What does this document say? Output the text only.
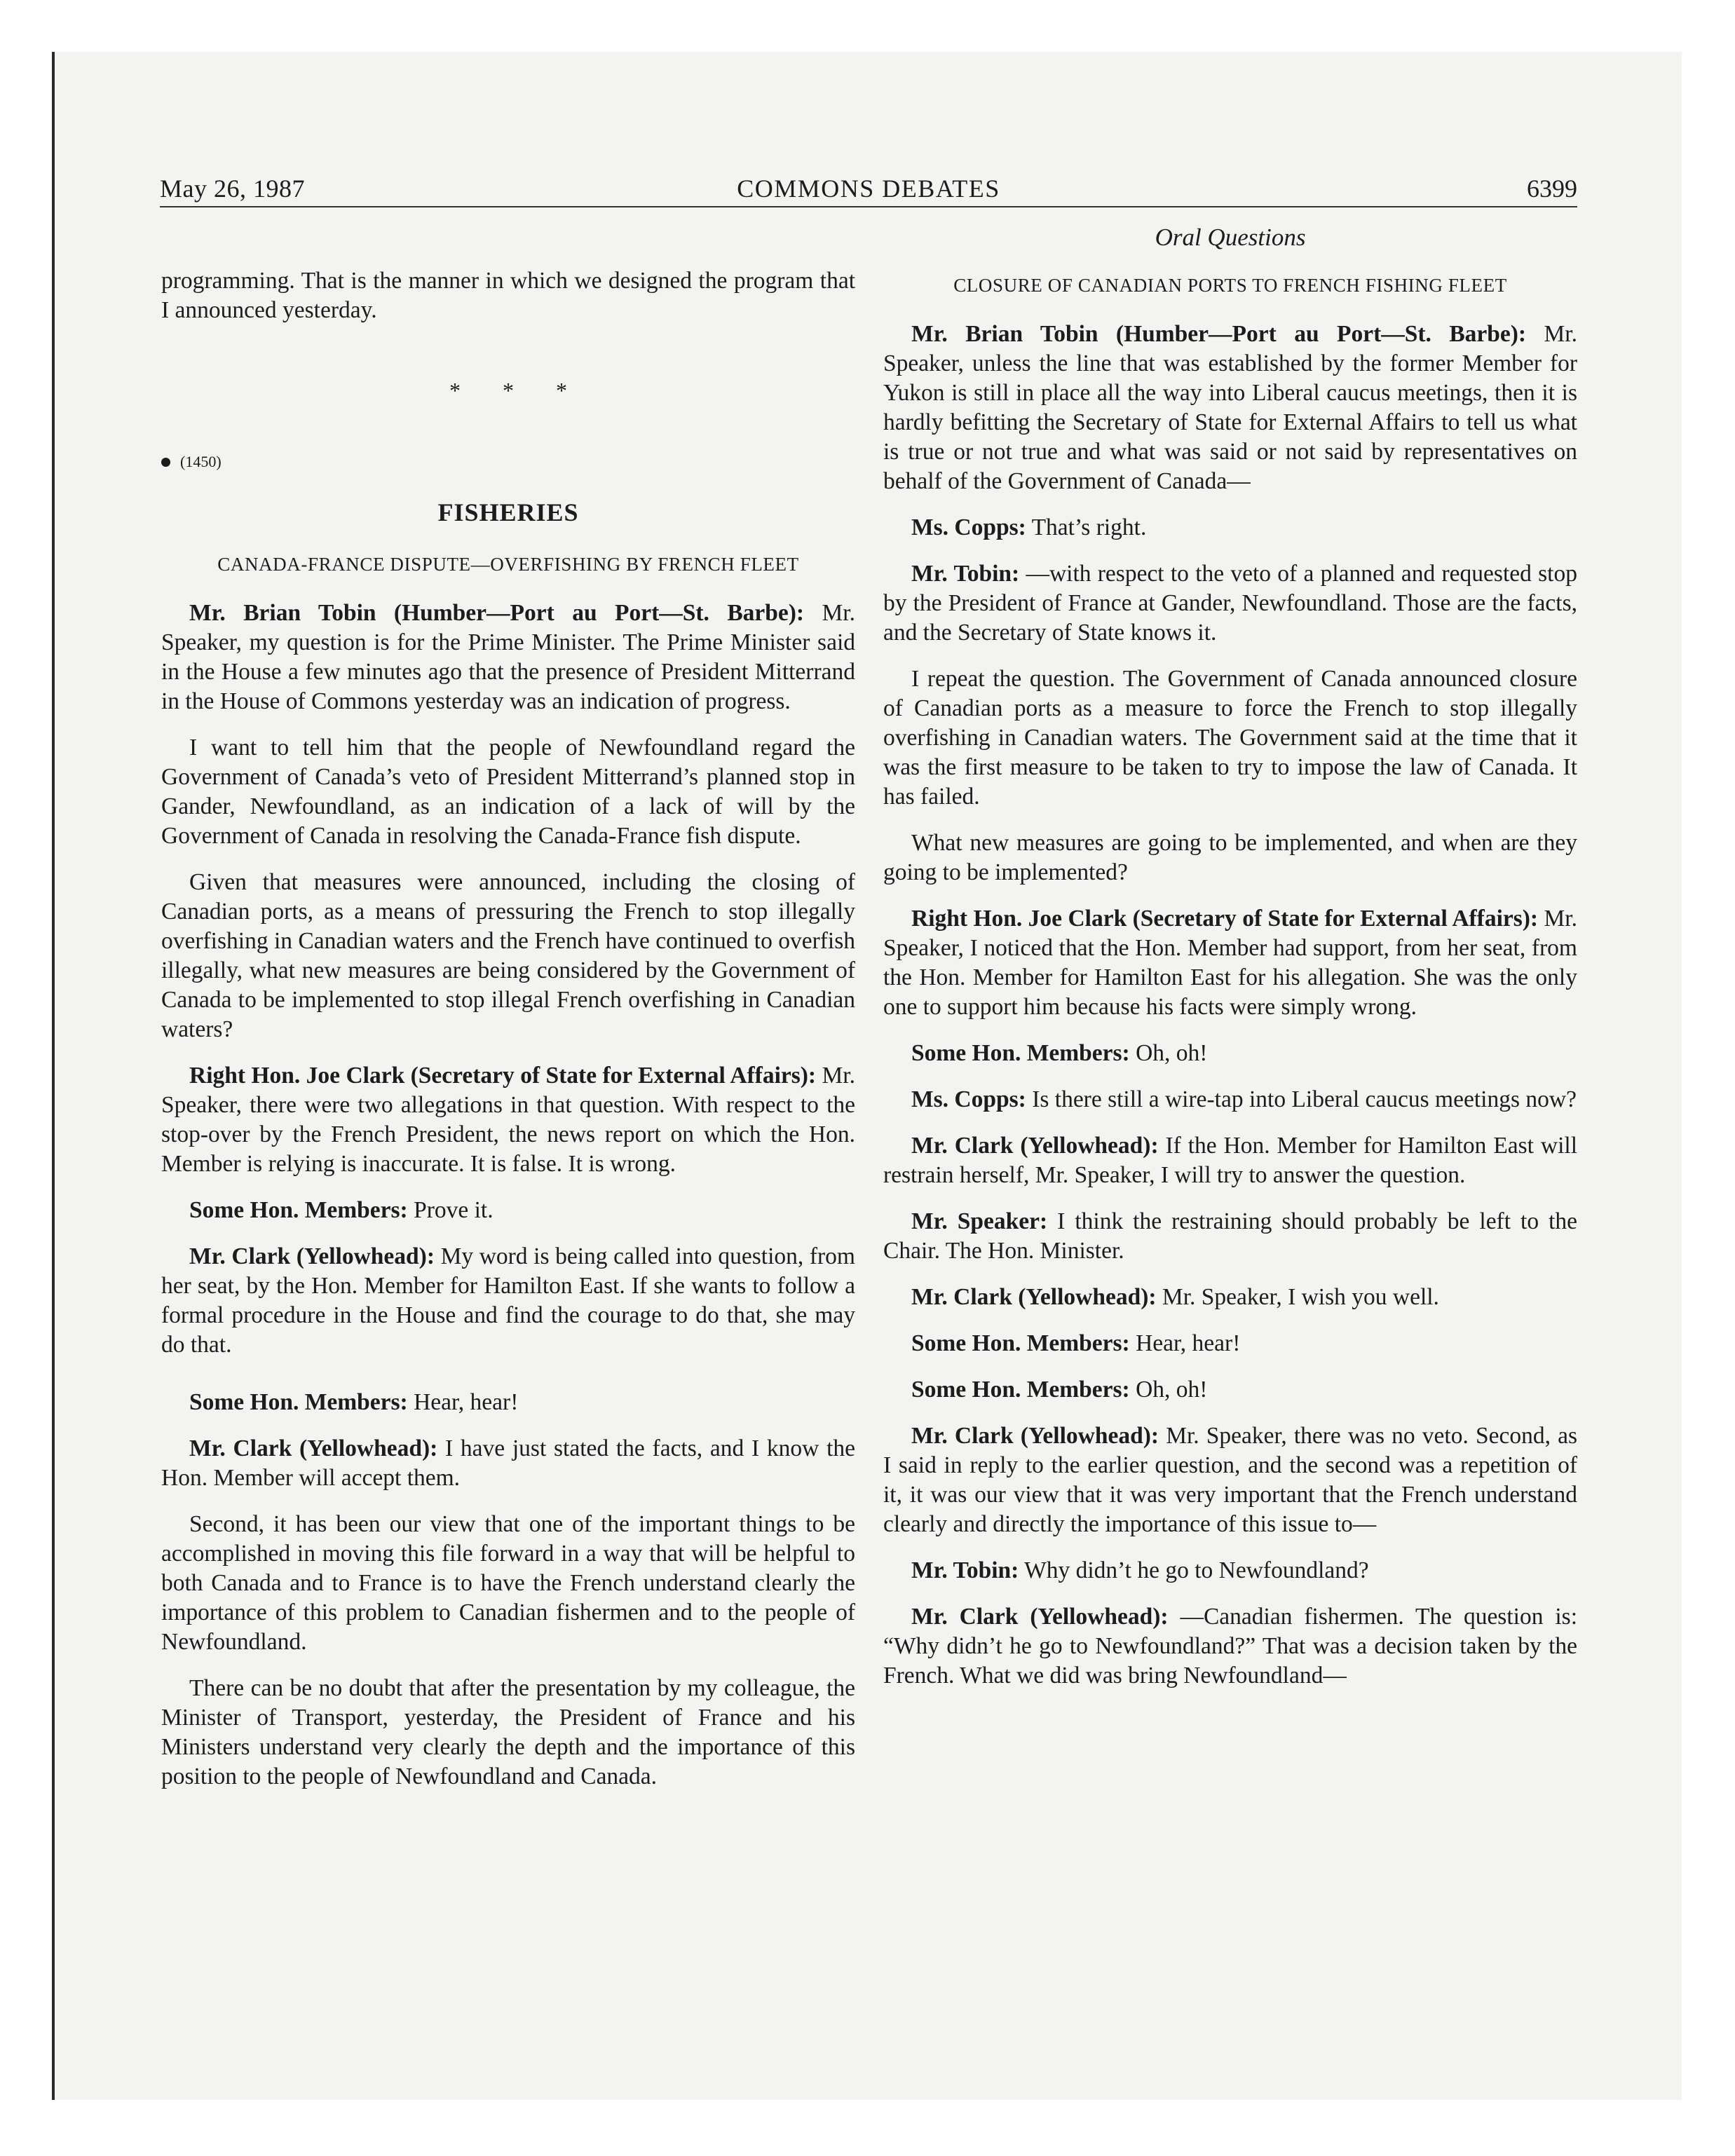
May 26, 1987	COMMONS DEBATES	6399

programming. That is the manner in which we designed the program that I announced yesterday.

* * *
(1450)
FISHERIES
CANADA-FRANCE DISPUTE—OVERFISHING BY FRENCH FLEET

Mr. Brian Tobin (Humber—Port au Port—St. Barbe): Mr. Speaker, my question is for the Prime Minister. The Prime Minister said in the House a few minutes ago that the presence of President Mitterrand in the House of Commons yesterday was an indication of progress.

I want to tell him that the people of Newfoundland regard the Government of Canada’s veto of President Mitterrand’s planned stop in Gander, Newfoundland, as an indication of a lack of will by the Government of Canada in resolving the Canada-France fish dispute.

Given that measures were announced, including the closing of Canadian ports, as a means of pressuring the French to stop illegally overfishing in Canadian waters and the French have continued to overfish illegally, what new measures are being considered by the Government of Canada to be implemented to stop illegal French overfishing in Canadian waters?

Right Hon. Joe Clark (Secretary of State for External Affairs): Mr. Speaker, there were two allegations in that question. With respect to the stop-over by the French President, the news report on which the Hon. Member is relying is inaccurate. It is false. It is wrong.

Some Hon. Members: Prove it.

Mr. Clark (Yellowhead): My word is being called into question, from her seat, by the Hon. Member for Hamilton East. If she wants to follow a formal procedure in the House and find the courage to do that, she may do that.

Some Hon. Members: Hear, hear!

Mr. Clark (Yellowhead): I have just stated the facts, and I know the Hon. Member will accept them.

Second, it has been our view that one of the important things to be accomplished in moving this file forward in a way that will be helpful to both Canada and to France is to have the French understand clearly the importance of this problem to Canadian fishermen and to the people of Newfoundland.

There can be no doubt that after the presentation by my colleague, the Minister of Transport, yesterday, the President of France and his Ministers understand very clearly the depth and the importance of this position to the people of Newfoundland and Canada.

Oral Questions
CLOSURE OF CANADIAN PORTS TO FRENCH FISHING FLEET

Mr. Brian Tobin (Humber—Port au Port—St. Barbe): Mr. Speaker, unless the line that was established by the former Member for Yukon is still in place all the way into Liberal caucus meetings, then it is hardly befitting the Secretary of State for External Affairs to tell us what is true or not true and what was said or not said by representatives on behalf of the Government of Canada—

Ms. Copps: That’s right.

Mr. Tobin: —with respect to the veto of a planned and requested stop by the President of France at Gander, Newfoundland. Those are the facts, and the Secretary of State knows it.

I repeat the question. The Government of Canada announced closure of Canadian ports as a measure to force the French to stop illegally overfishing in Canadian waters. The Government said at the time that it was the first measure to be taken to try to impose the law of Canada. It has failed.

What new measures are going to be implemented, and when are they going to be implemented?

Right Hon. Joe Clark (Secretary of State for External Affairs): Mr. Speaker, I noticed that the Hon. Member had support, from her seat, from the Hon. Member for Hamilton East for his allegation. She was the only one to support him because his facts were simply wrong.

Some Hon. Members: Oh, oh!

Ms. Copps: Is there still a wire-tap into Liberal caucus meetings now?

Mr. Clark (Yellowhead): If the Hon. Member for Hamilton East will restrain herself, Mr. Speaker, I will try to answer the question.

Mr. Speaker: I think the restraining should probably be left to the Chair. The Hon. Minister.

Mr. Clark (Yellowhead): Mr. Speaker, I wish you well.

Some Hon. Members: Hear, hear!

Some Hon. Members: Oh, oh!

Mr. Clark (Yellowhead): Mr. Speaker, there was no veto. Second, as I said in reply to the earlier question, and the second was a repetition of it, it was our view that it was very important that the French understand clearly and directly the importance of this issue to—

Mr. Tobin: Why didn’t he go to Newfoundland?

Mr. Clark (Yellowhead): —Canadian fishermen. The question is: “Why didn’t he go to Newfoundland?” That was a decision taken by the French. What we did was bring Newfoundland—
